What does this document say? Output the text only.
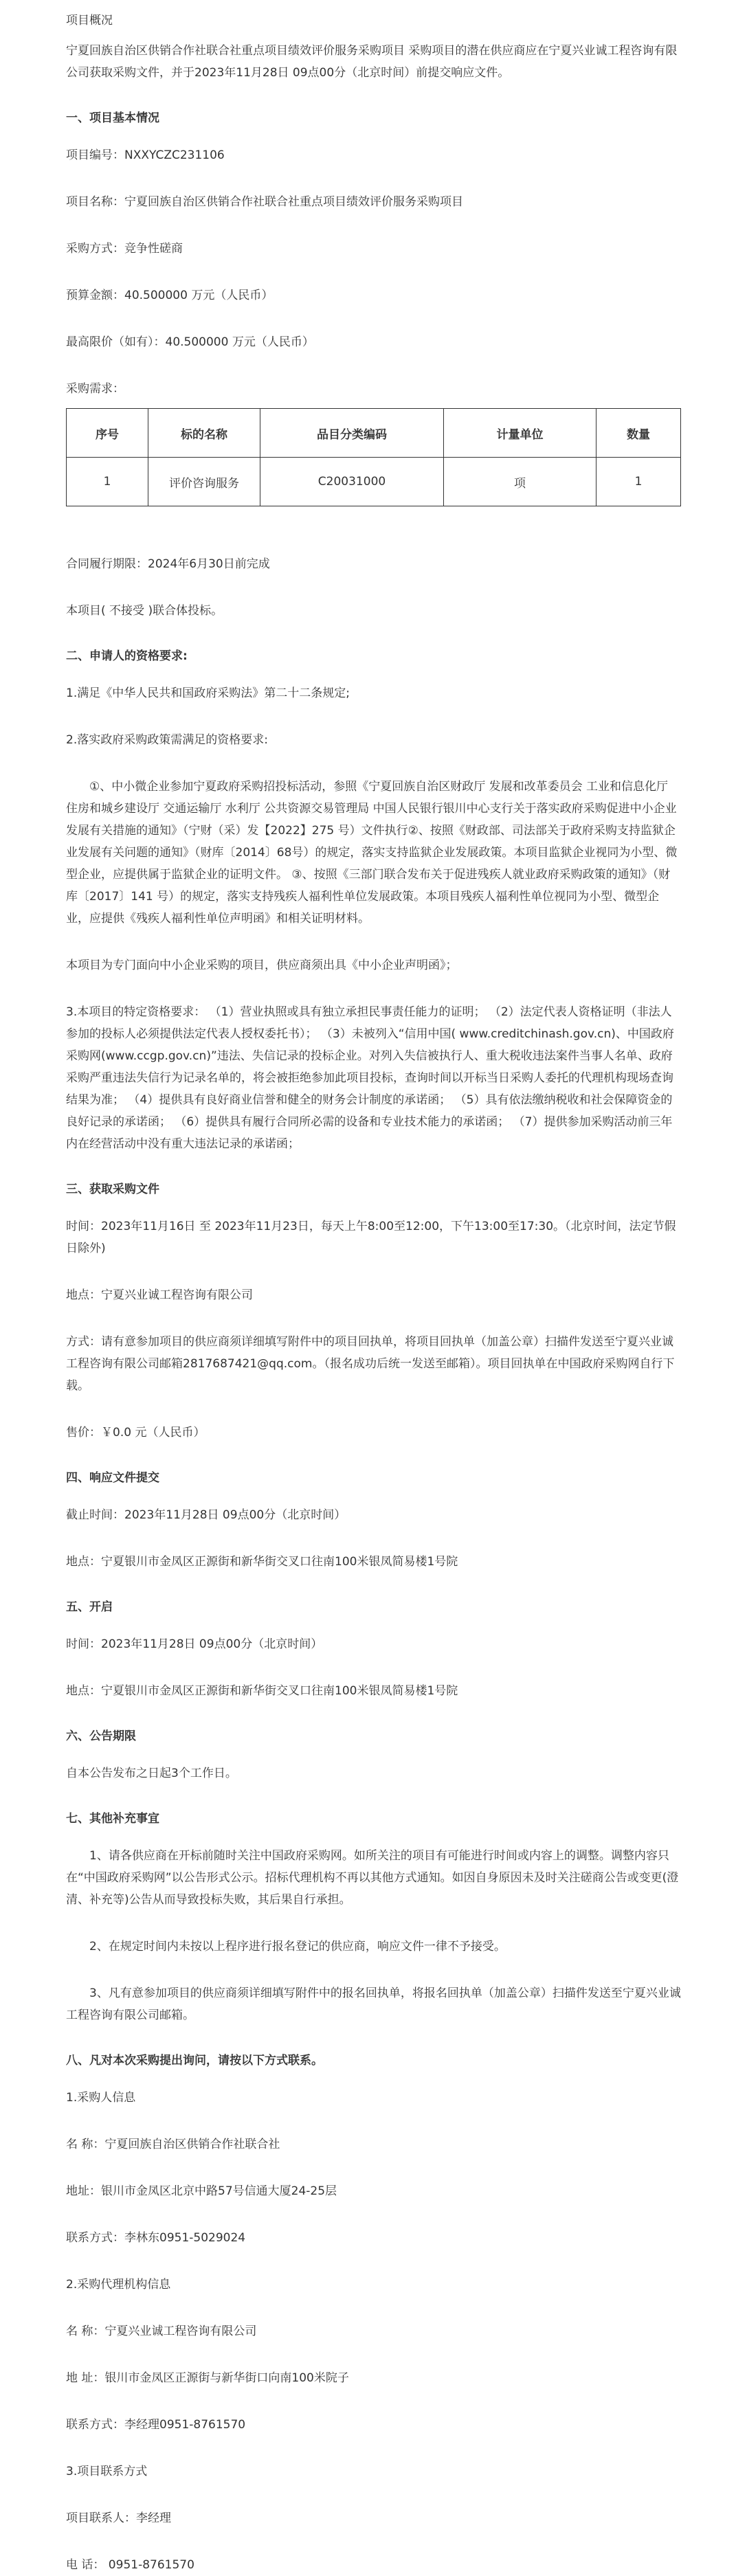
项目概况
宁夏回族自治区供销合作社联合社重点项目绩效评价服务采购项目 采购项目的潜在供应商应在宁夏兴业诚工程咨询有限公司获取采购文件，并于2023年11月28日 09点00分（北京时间）前提交响应文件。
一、项目基本情况
项目编号：NXXYCZC231106
项目名称：宁夏回族自治区供销合作社联合社重点项目绩效评价服务采购项目
采购方式：竞争性磋商
预算金额：40.500000 万元（人民币）
最高限价（如有）：40.500000 万元（人民币）
采购需求：
序号	标的名称	品目分类编码	计量单位	数量
1	评价咨询服务	C20031000	项	1
合同履行期限：2024年6月30日前完成
本项目( 不接受 )联合体投标。
二、申请人的资格要求:
1.满足《中华人民共和国政府采购法》第二十二条规定;
2.落实政府采购政策需满足的资格要求:
①、中小微企业参加宁夏政府采购招投标活动，参照《宁夏回族自治区财政厅 发展和改革委员会 工业和信息化厅 住房和城乡建设厅 交通运输厅 水利厅 公共资源交易管理局 中国人民银行银川中心支行关于落实政府采购促进中小企业发展有关措施的通知》（宁财（采）发【2022】275 号）文件执行②、按照《财政部、司法部关于政府采购支持监狱企业发展有关问题的通知》（财库〔2014〕68号）的规定，落实支持监狱企业发展政策。本项目监狱企业视同为小型、微型企业，应提供属于监狱企业的证明文件。 ③、按照《三部门联合发布关于促进残疾人就业政府采购政策的通知》（财库〔2017〕141 号）的规定，落实支持残疾人福利性单位发展政策。本项目残疾人福利性单位视同为小型、微型企业，应提供《残疾人福利性单位声明函》和相关证明材料。
本项目为专门面向中小企业采购的项目，供应商须出具《中小企业声明函》；
3.本项目的特定资格要求： （1）营业执照或具有独立承担民事责任能力的证明； （2）法定代表人资格证明（非法人参加的投标人必须提供法定代表人授权委托书）； （3）未被列入“信用中国( www.creditchinash.gov.cn)、中国政府采购网(www.ccgp.gov.cn)”违法、失信记录的投标企业。对列入失信被执行人、重大税收违法案件当事人名单、政府采购严重违法失信行为记录名单的，将会被拒绝参加此项目投标，查询时间以开标当日采购人委托的代理机构现场查询结果为准； （4）提供具有良好商业信誉和健全的财务会计制度的承诺函； （5）具有依法缴纳税收和社会保障资金的良好记录的承诺函； （6）提供具有履行合同所必需的设备和专业技术能力的承诺函； （7）提供参加采购活动前三年内在经营活动中没有重大违法记录的承诺函；
三、获取采购文件
时间：2023年11月16日 至 2023年11月23日，每天上午8:00至12:00，下午13:00至17:30。（北京时间，法定节假日除外)
地点：宁夏兴业诚工程咨询有限公司
方式：请有意参加项目的供应商须详细填写附件中的项目回执单，将项目回执单（加盖公章）扫描件发送至宁夏兴业诚工程咨询有限公司邮箱2817687421@qq.com。（报名成功后统一发送至邮箱）。项目回执单在中国政府采购网自行下载。
售价：￥0.0 元（人民币）
四、响应文件提交
截止时间：2023年11月28日 09点00分（北京时间）
地点：宁夏银川市金凤区正源街和新华街交叉口往南100米银凤简易楼1号院
五、开启
时间：2023年11月28日 09点00分（北京时间）
地点：宁夏银川市金凤区正源街和新华街交叉口往南100米银凤简易楼1号院
六、公告期限
自本公告发布之日起3个工作日。
七、其他补充事宜
1、请各供应商在开标前随时关注中国政府采购网。如所关注的项目有可能进行时间或内容上的调整。调整内容只在“中国政府采购网”以公告形式公示。招标代理机构不再以其他方式通知。如因自身原因未及时关注磋商公告或变更(澄清、补充等)公告从而导致投标失败，其后果自行承担。
2、在规定时间内未按以上程序进行报名登记的供应商，响应文件一律不予接受。
3、凡有意参加项目的供应商须详细填写附件中的报名回执单，将报名回执单（加盖公章）扫描件发送至宁夏兴业诚工程咨询有限公司邮箱。
八、凡对本次采购提出询问，请按以下方式联系。
1.采购人信息
名 称：宁夏回族自治区供销合作社联合社
地址：银川市金凤区北京中路57号信通大厦24-25层
联系方式：李林东0951-5029024
2.采购代理机构信息
名 称：宁夏兴业诚工程咨询有限公司
地 址：银川市金凤区正源街与新华街口向南100米院子
联系方式：李经理0951-8761570
3.项目联系方式
项目联系人：李经理
电 话： 0951-8761570
